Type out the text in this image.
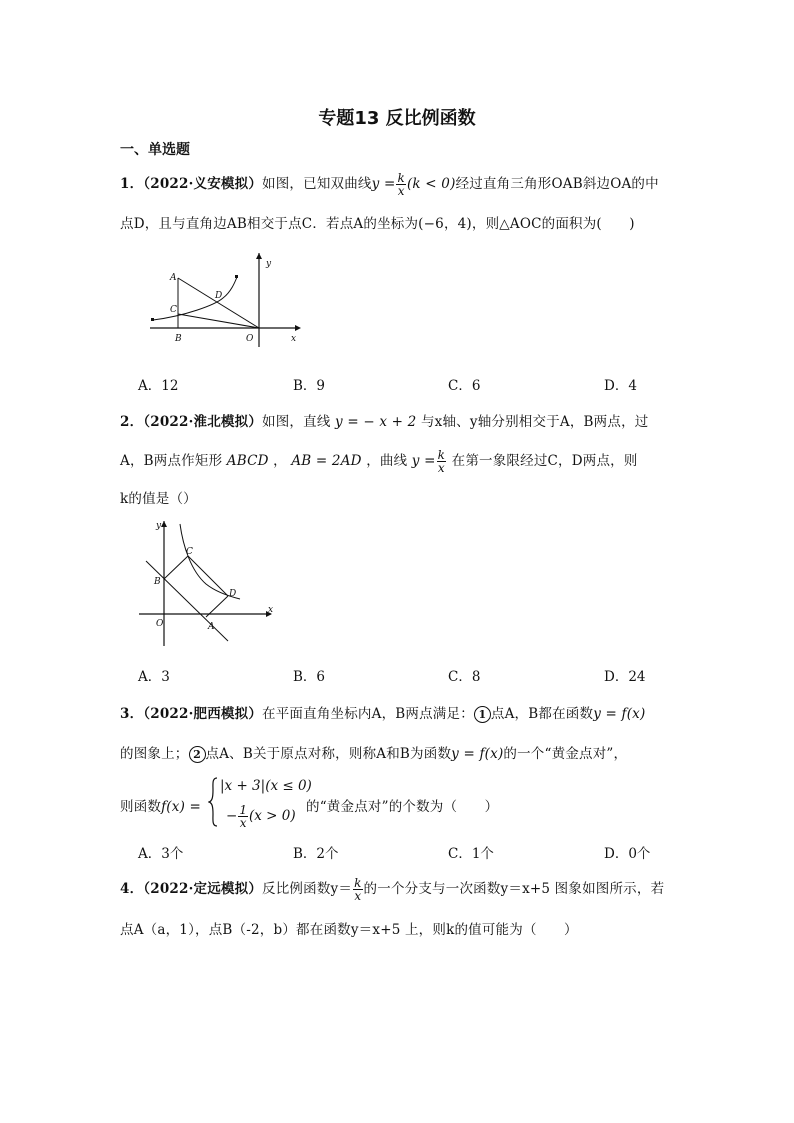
专题13 反比例函数
一、单选题
1．（2022·义安模拟）如图，已知双曲线$y = \frac{k}{x} (k < 0)$经过直角三角形OAB斜边OA的中
点D，且与直角边AB相交于点C．若点A的坐标为(−6，4)，则△AOC的面积为(　　)
A
C
D
B	O	x
y
A．12	B．9	C．6	D．4
2．（2022·淮北模拟）如图，直线 y = − x + 2 与x轴、y轴分别相交于A，B两点，过
A，B两点作矩形 ABCD ， AB = 2AD ，曲线 $y = \frac{k}{x}$ 在第一象限经过C，D两点，则
k的值是（）
y
C
B
D
O	A
x
A．3	B．6	C．8	D．24
3．（2022·肥西模拟）在平面直角坐标内A，B两点满足： 1 点A，B都在函数y = f(x)
的图象上； 2 点A、B关于原点对称，则称A和B为函数y = f(x)的一个“黄金点对”，
则函数f(x) =
|x + 3|(x ≤ 0)
− $\frac{1}{x} (x > 0)$
的“黄金点对”的个数为（　　）
A．3个	B．2个	C．1个	D．0个
4．（2022·定远模拟）反比例函数$y= \frac{k}{x}$ 的一个分支与一次函数y＝x+5 图象如图所示，若
点A（a，1），点B（-2，b）都在函数y＝x+5 上，则k的值可能为（　　）
